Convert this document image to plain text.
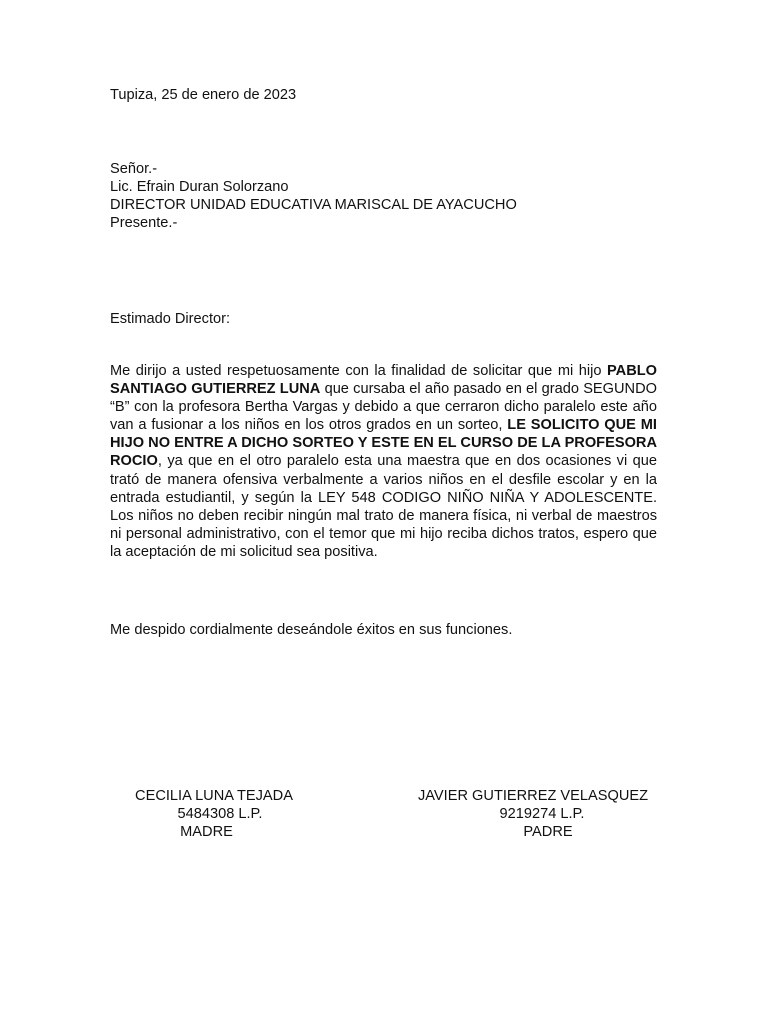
Tupiza, 25 de enero de 2023
Señor.-
Lic. Efrain Duran Solorzano
DIRECTOR UNIDAD EDUCATIVA MARISCAL DE AYACUCHO
Presente.-
Estimado Director:
Me dirijo a usted respetuosamente con la finalidad de solicitar que mi hijo PABLO SANTIAGO GUTIERREZ LUNA que cursaba el año pasado en el grado SEGUNDO “B” con la profesora Bertha Vargas y debido a que cerraron dicho paralelo este año van a fusionar a los niños en los otros grados en un sorteo, LE SOLICITO QUE MI HIJO NO ENTRE A DICHO SORTEO Y ESTE EN EL CURSO DE LA PROFESORA ROCIO, ya que en el otro paralelo esta una maestra que en dos ocasiones vi que trató de manera ofensiva verbalmente a varios niños en el desfile escolar y en la entrada estudiantil, y según la LEY 548 CODIGO NIÑO NIÑA Y ADOLESCENTE. Los niños no deben recibir ningún mal trato de manera física, ni verbal de maestros ni personal administrativo, con el temor que mi hijo reciba dichos tratos, espero que la aceptación de mi solicitud sea positiva.
Me despido cordialmente deseándole éxitos en sus funciones.
CECILIA LUNA TEJADA
5484308 L.P.
MADRE
JAVIER GUTIERREZ VELASQUEZ
9219274 L.P.
PADRE
